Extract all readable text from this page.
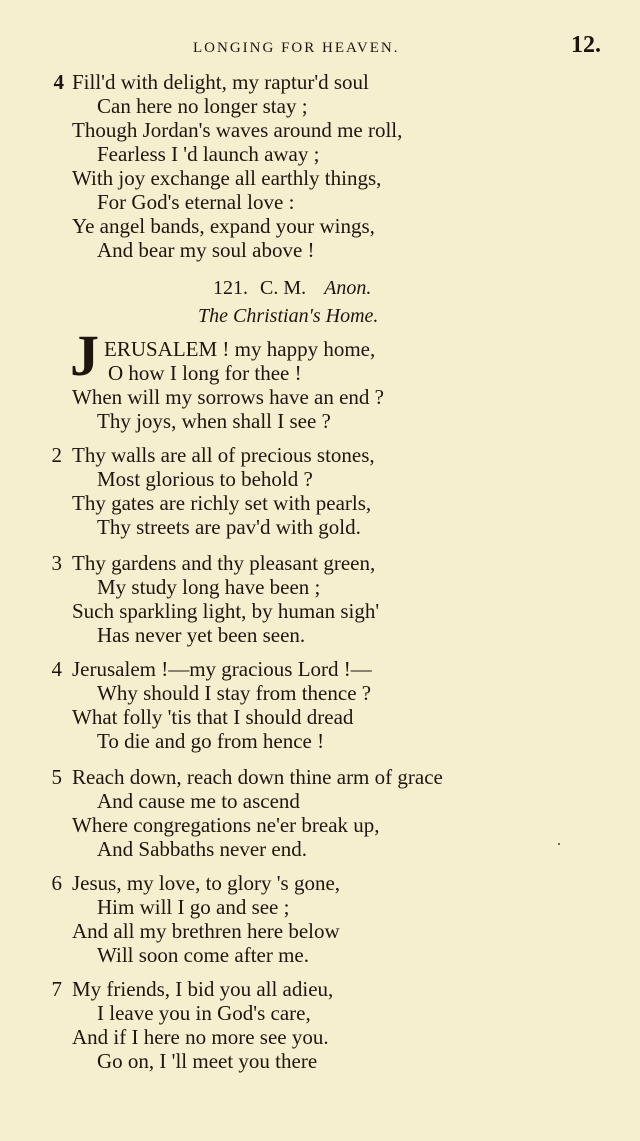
LONGING FOR HEAVEN.	12.
4 Fill'd with delight, my raptur'd soul
Can here no longer stay ;
Though Jordan's waves around me roll,
Fearless I 'd launch away ;
With joy exchange all earthly things,
For God's eternal love :
Ye angel bands, expand your wings,
And bear my soul above !
121. C. M. Anon.
The Christian's Home.
J ERUSALEM ! my happy home,
O how I long for thee !
When will my sorrows have an end ?
Thy joys, when shall I see ?
2 Thy walls are all of precious stones,
Most glorious to behold ?
Thy gates are richly set with pearls,
Thy streets are pav'd with gold.
3 Thy gardens and thy pleasant green,
My study long have been ;
Such sparkling light, by human sigh'
Has never yet been seen.
4 Jerusalem !—my gracious Lord !—
Why should I stay from thence ?
What folly 'tis that I should dread
To die and go from hence !
5 Reach down, reach down thine arm of grace
And cause me to ascend
Where congregations ne'er break up,
And Sabbaths never end.
6 Jesus, my love, to glory 's gone,
Him will I go and see ;
And all my brethren here below
Will soon come after me.
7 My friends, I bid you all adieu,
I leave you in God's care,
And if I here no more see you.
Go on, I 'll meet you there
